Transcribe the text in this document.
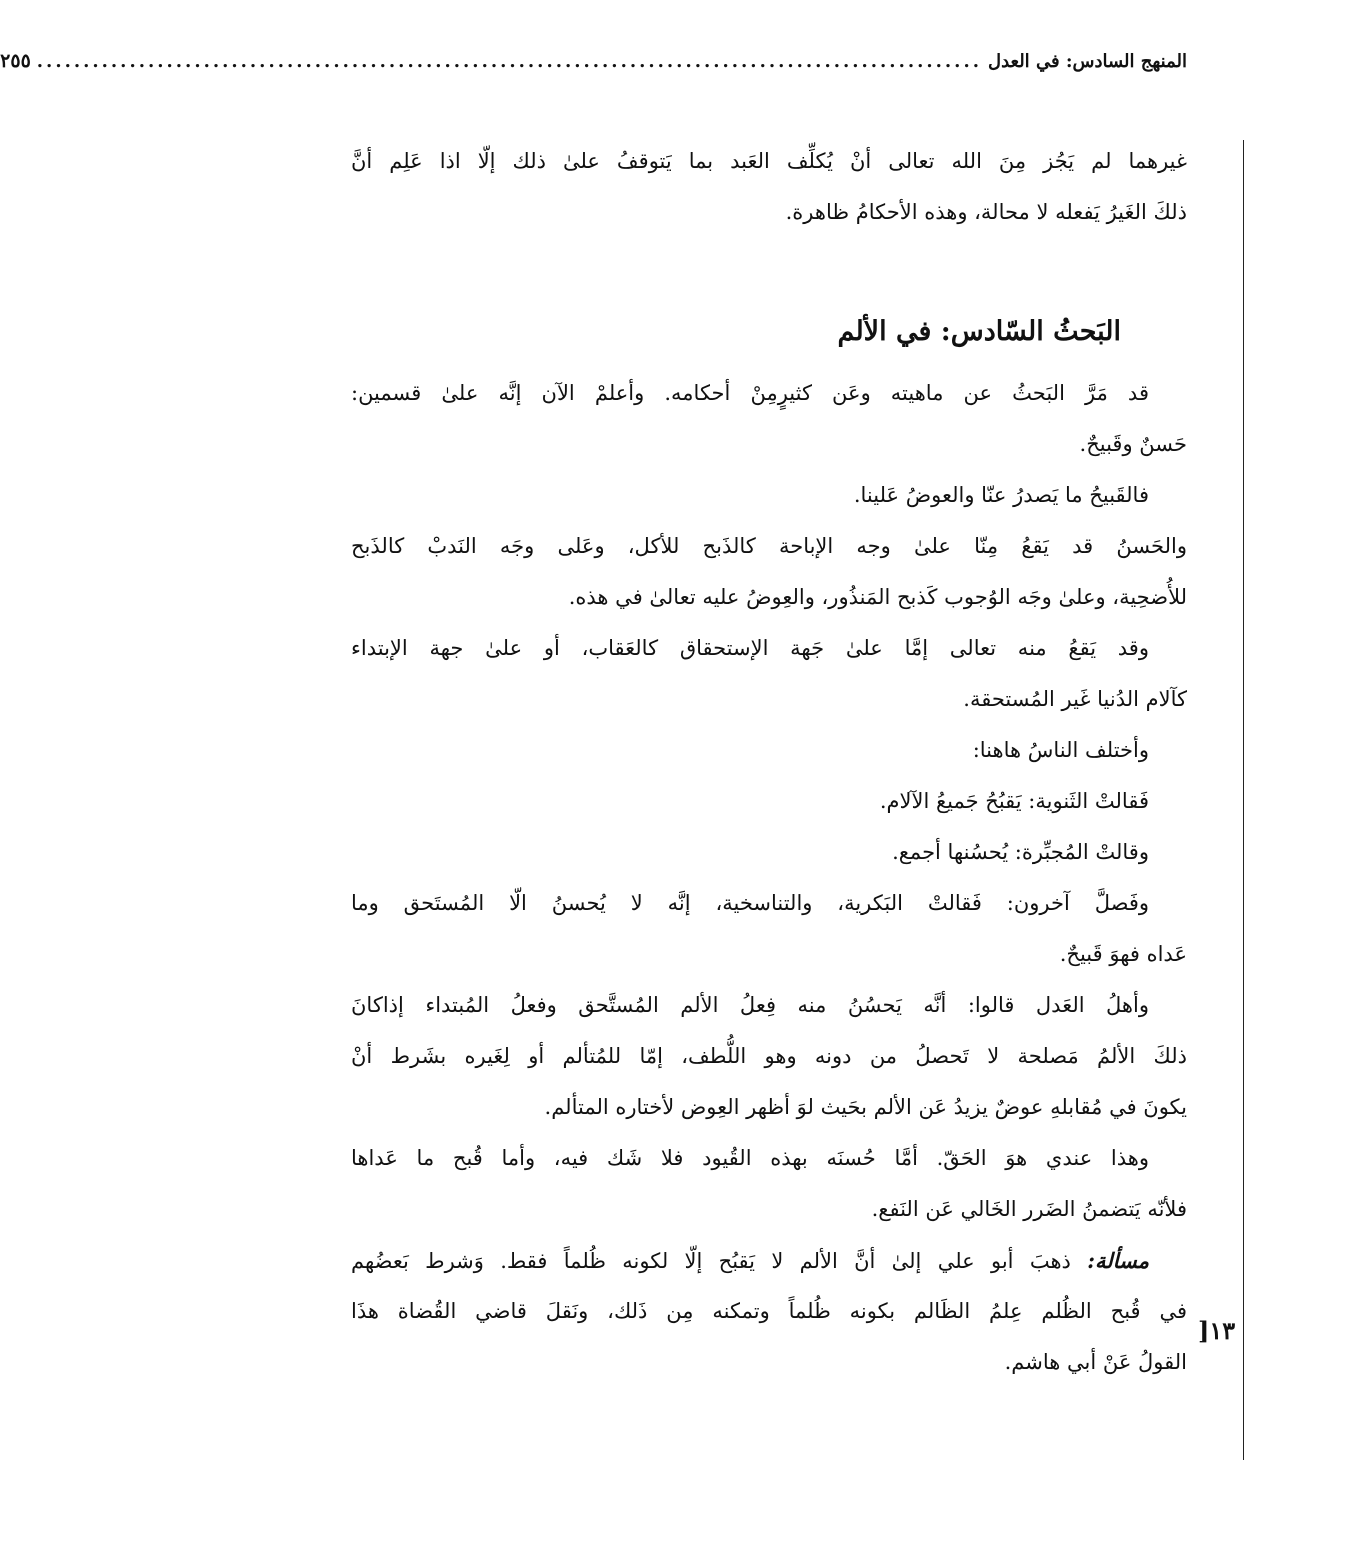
المنهج السادس: في العدل
......................................................................................................
٢٥٥
]١٣
غيرهما لم يَجُز مِنَ الله تعالى أنْ يُكلِّف العَبد بما يَتوقفُ علىٰ ذلك إلّا اذا عَلِم أنَّ
ذلكَ الغَيرُ يَفعله لا محالة، وهذه الأحكامُ ظاهرة.
البَحثُ السّادس: في الألم
قد مَرَّ البَحثُ عن ماهيته وعَن كثيرٍمِنْ أحكامه. وأعلمْ الآن إنَّه علىٰ قسمين:
حَسنٌ وقَبيحٌ.
فالقَبيحُ ما يَصدرُ عنّا والعوضُ عَلينا.
والحَسنُ قد يَقعُ مِنّا علىٰ وجه الإباحة كالذَبح للأكل، وعَلى وجَه النَدبْ كالذَبح
للأُضحِية، وعلىٰ وجَه الوُجوب كَذبح المَنذُور، والعِوضُ عليه تعالىٰ في هذه.
وقد يَقعُ منه تعالى إمَّا علىٰ جَهة الإستحقاق كالعَقاب، أو علىٰ جهة الإبتداء
كآلام الدُنيا غَير المُستحقة.
وأختلف الناسُ هاهنا:
فَقالتْ الثَنوية: يَقبُحُ جَميعُ الآلام.
وقالتْ المُجبِّرة: يُحسُنها أجمع.
وفَصلَّ آخرون: فَقالتْ البَكرية، والتناسخية، إنَّه لا يُحسنُ الّا المُستَحق وما
عَداه فهوَ قَبيحٌ.
وأهلُ العَدل قالوا: أنَّه يَحسُنُ منه فِعلُ الألم المُستَّحق وفعلُ المُبتداء إذاكانَ
ذلكَ الألمُ مَصلحة لا تَحصلُ من دونه وهو اللُّطف، إمّا للمُتألم أو لِغَيره بشَرط أنْ
يكونَ في مُقابلهِ عوضٌ يزيدُ عَن الألم بحَيث لوَ أظهر العِوض لأختاره المتألم.
وهذا عندي هوَ الحَقّ. أمَّا حُسنَه بهذه القُيود فلا شَك فيه، وأما قُبح ما عَداها
فلأنّه يَتضمنُ الضَرر الخَالي عَن النَفع.
مسألة: ذهبَ أبو علي إلىٰ أنَّ الألم لا يَقبُح إلّا لكونه ظُلماً فقط. وَشرط بَعضُهم
في قُبح الظُلم عِلمُ الظَالم بكونه ظُلماً وتمكنه مِن ذَلك، ونَقلَ قاضي القُضاة هذَا
القولُ عَنْ أبي هاشم.
